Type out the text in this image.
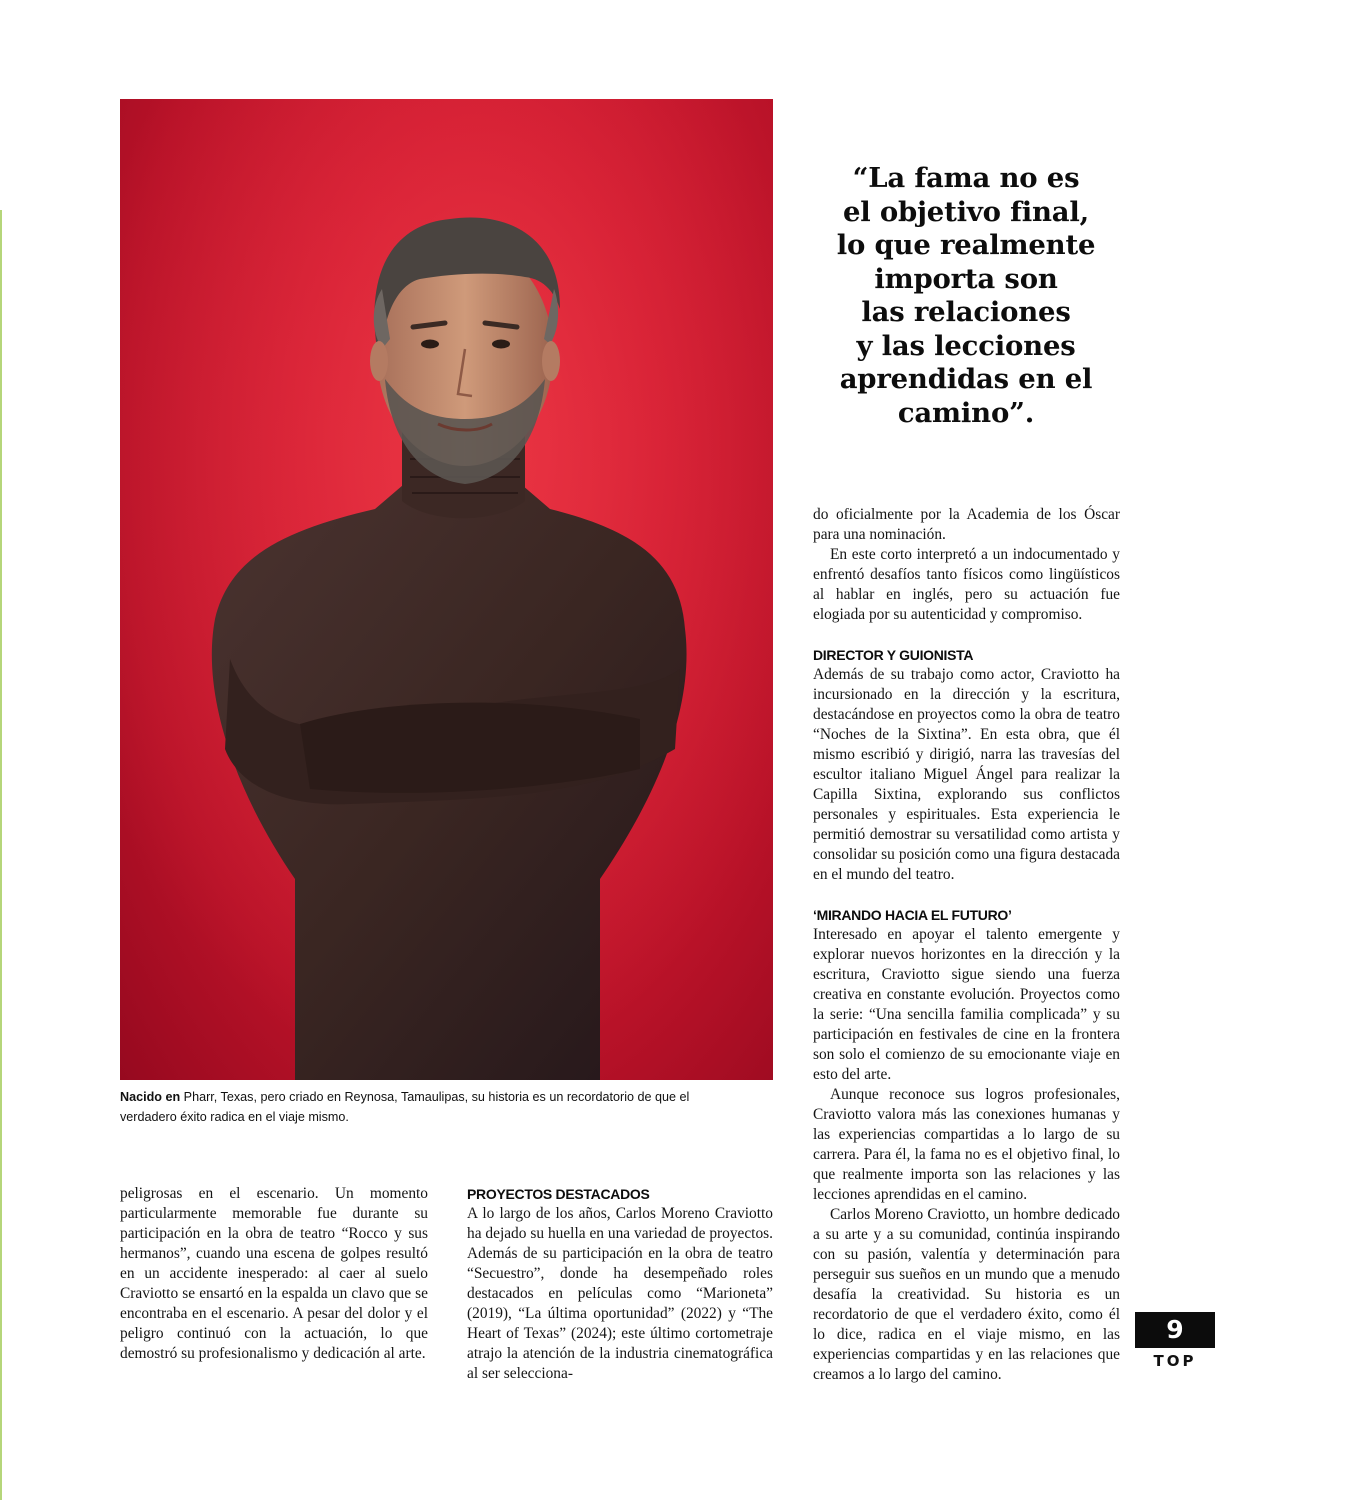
Nacido en Pharr, Texas, pero criado en Reynosa, Tamaulipas, su historia es un recordatorio de que el verdadero éxito radica en el viaje mismo.
“La fama no es
el objetivo final,
lo que realmente
importa son
las relaciones
y las lecciones
aprendidas en el
camino”.

peligrosas en el escenario. Un momento particularmente memorable fue durante su participación en la obra de teatro “Rocco y sus hermanos”, cuando una escena de golpes resultó en un accidente inesperado: al caer al suelo Craviotto se ensartó en la espalda un clavo que se encontraba en el escenario. A pesar del dolor y el peligro continuó con la actuación, lo que demostró su profesionalismo y dedicación al arte.

PROYECTOS DESTACADOS

A lo largo de los años, Carlos Moreno Craviotto ha dejado su huella en una variedad de proyectos. Además de su participación en la obra de teatro “Secuestro”, donde ha desempeñado roles destacados en películas como “Marioneta” (2019), “La última oportunidad” (2022) y “The Heart of Texas” (2024); este último cortometraje atrajo la atención de la industria cinematográfica al ser selecciona-

do oficialmente por la Academia de los Óscar para una nominación.

En este corto interpretó a un indocumentado y enfrentó desafíos tanto físicos como lingüísticos al hablar en inglés, pero su actuación fue elogiada por su autenticidad y compromiso.

DIRECTOR Y GUIONISTA

Además de su trabajo como actor, Craviotto ha incursionado en la dirección y la escritura, destacándose en proyectos como la obra de teatro “Noches de la Sixtina”. En esta obra, que él mismo escribió y dirigió, narra las travesías del escultor italiano Miguel Ángel para realizar la Capilla Sixtina, explorando sus conflictos personales y espirituales. Esta experiencia le permitió demostrar su versatilidad como artista y consolidar su posición como una figura destacada en el mundo del teatro.

‘MIRANDO HACIA EL FUTURO’

Interesado en apoyar el talento emergente y explorar nuevos horizontes en la dirección y la escritura, Craviotto sigue siendo una fuerza creativa en constante evolución. Proyectos como la serie: “Una sencilla familia complicada” y su participación en festivales de cine en la frontera son solo el comienzo de su emocionante viaje en esto del arte.

Aunque reconoce sus logros profesionales, Craviotto valora más las conexiones humanas y las experiencias compartidas a lo largo de su carrera. Para él, la fama no es el objetivo final, lo que realmente importa son las relaciones y las lecciones aprendidas en el camino.

Carlos Moreno Craviotto, un hombre dedicado a su arte y a su comunidad, continúa inspirando con su pasión, valentía y determinación para perseguir sus sueños en un mundo que a menudo desafía la creatividad. Su historia es un recordatorio de que el verdadero éxito, como él lo dice, radica en el viaje mismo, en las experiencias compartidas y en las relaciones que creamos a lo largo del camino.

9
TOP
